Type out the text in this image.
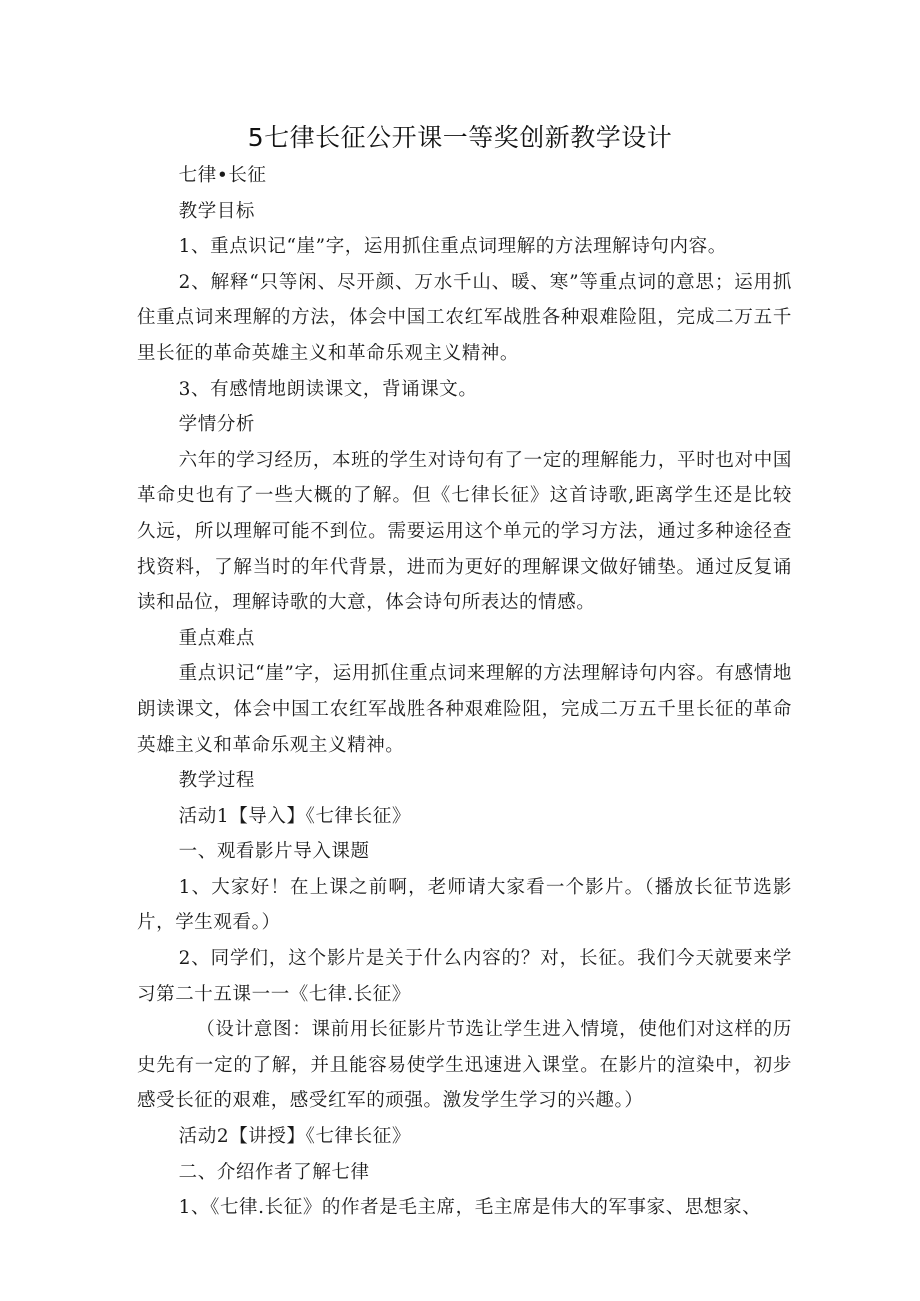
5七律长征公开课一等奖创新教学设计

七律•长征

教学目标

1、重点识记“崖”字，运用抓住重点词理解的方法理解诗句内容。

2、解释“只等闲、尽开颜、万水千山、暖、寒”等重点词的意思；运用抓住重点词来理解的方法，体会中国工农红军战胜各种艰难险阻，完成二万五千里长征的革命英雄主义和革命乐观主义精神。

3、有感情地朗读课文，背诵课文。

学情分析

六年的学习经历，本班的学生对诗句有了一定的理解能力，平时也对中国革命史也有了一些大概的了解。但《七律长征》这首诗歌,距离学生还是比较久远，所以理解可能不到位。需要运用这个单元的学习方法，通过多种途径查找资料，了解当时的年代背景，进而为更好的理解课文做好铺垫。通过反复诵读和品位，理解诗歌的大意，体会诗句所表达的情感。

重点难点

重点识记“崖”字，运用抓住重点词来理解的方法理解诗句内容。有感情地朗读课文，体会中国工农红军战胜各种艰难险阻，完成二万五千里长征的革命英雄主义和革命乐观主义精神。

教学过程

活动1【导入】《七律长征》

一、观看影片导入课题

1、大家好！在上课之前啊，老师请大家看一个影片。（播放长征节选影片，学生观看。）

2、同学们，这个影片是关于什么内容的？对，长征。我们今天就要来学习第二十五课一一《七律.长征》

（设计意图：课前用长征影片节选让学生进入情境，使他们对这样的历史先有一定的了解，并且能容易使学生迅速进入课堂。在影片的渲染中，初步感受长征的艰难，感受红军的顽强。激发学生学习的兴趣。）

活动2【讲授】《七律长征》

二、介绍作者了解七律

1、《七律.长征》的作者是毛主席，毛主席是伟大的军事家、思想家、
